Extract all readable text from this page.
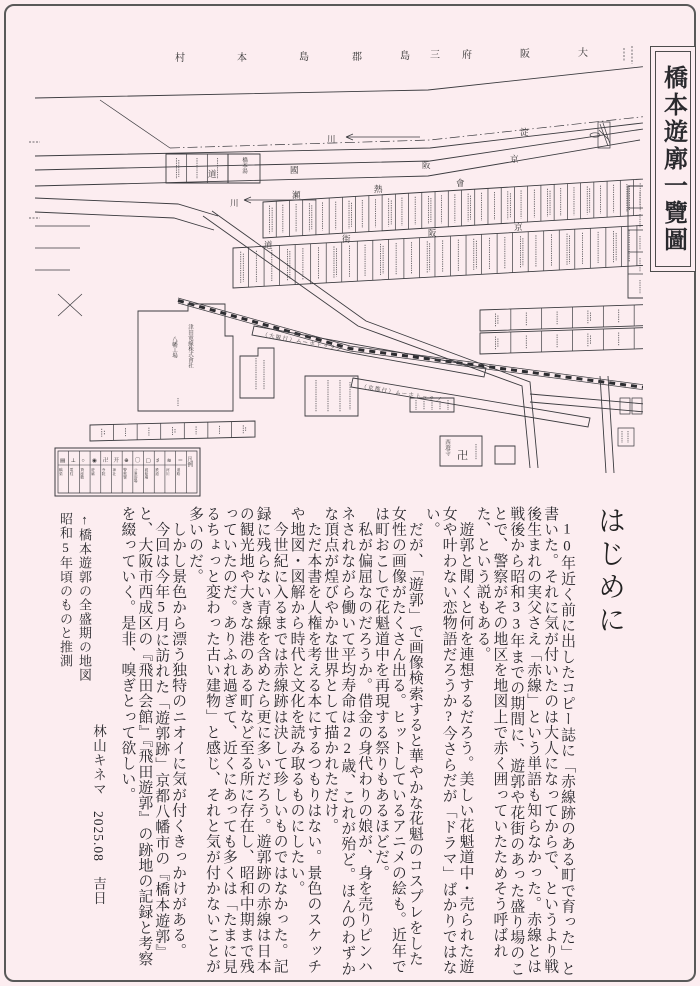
村	本	島	郡	島 三 府	阪	大
川
淀
道	國	阪
京
川
瀬
熱
會
道
街
阪
京
橋本湯
（大阪行）ムーホトッラプ
（京都行）ムーホトッラプ
津田電線株式會社
八幡工場
西遊寺
卍
▤
橋梁
⊥
電柱
○
貸座敷
◉
遊廓
卍
寺院
开
神社
⊕
警察署
〇
公衆浴場
▢
渡船場
♯
鉄道
≋
河川
＝
道路
凡例
橋本遊廓一覽圖

↑橋本遊郭の全盛期の地図

昭和5年頃のものと推測

林山キネマ　2025.08　吉日
はじめに

　10年近く前に出したコピー誌に「赤線跡のある町で育った」と書いた。それに気が付いたのは大人になってからで、というより戦後生まれの実父さえ「赤線」という単語も知らなかった。赤線とは戦後から昭和33年までの期間に、遊郭や花街のあった盛り場のことで、警察がその地区を地図上で赤く囲っていたためそう呼ばれた、という説もある。

　遊郭と聞くと何を連想するだろう。美しい花魁道中・売られた遊女や叶わない恋物語だろうか?今さらだが「ドラマ」ばかりではない。

　だが、「遊郭」で画像検索すると華やかな花魁のコスプレをした女性の画像がたくさん出る。ヒットしているアニメの絵も。近年では町おこしで花魁道中を再現する祭りもあるほどだ。

　私が偏屈なのだろうか。借金の身代わりの娘が、身を売りピンハネされながら働いて平均寿命は22歳、これが殆ど。ほんのわずかな頂点が煌びやかな世界として描かれただけ。

　ただ本書を人権を考える本にするつもりはない。景色のスケッチや地図・図解から時代と文化を読み取るものにしたい。

　今世紀に入るまでは赤線跡は決して珍しいものではなかった。記録に残らない青線を含めたら更に多いだろう。遊郭跡の赤線は日本の観光地や大きな港のある町など至る所に存在し、昭和中期まで残っていたのだ。ありふれ過ぎて、近くにあっても多くは「たまに見るちょっと変わった古い建物」と感じ、それと気が付かないことが多いのだ。

　しかし景色から漂う独特のニオイに気が付くきっかけがある。

　今回は今年5月に訪れた「遊郭跡」京都八幡市の『橋本遊郭』と、大阪市西成区の『飛田会館』『飛田遊郭』の跡地の記録と考察を綴っていく。是非、嗅ぎとって欲しい。
